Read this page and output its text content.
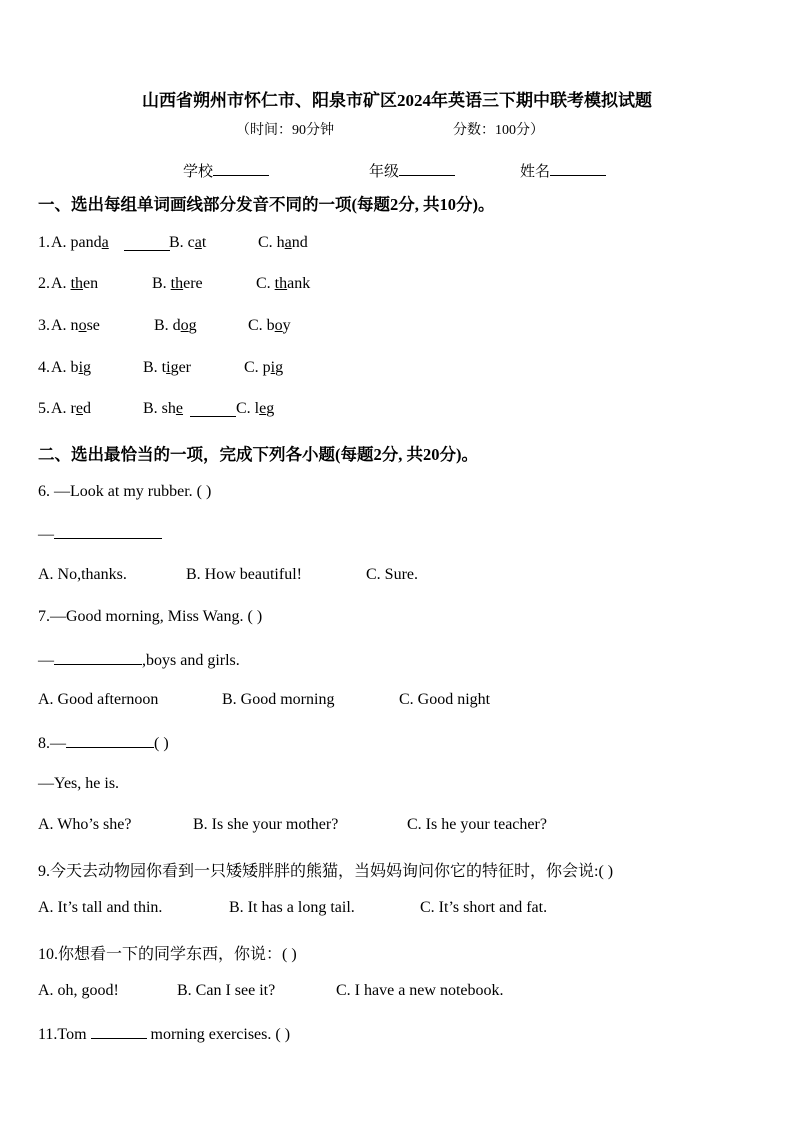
山西省朔州市怀仁市、阳泉市矿区2024年英语三下期中联考模拟试题
（时间：90分钟	分数：100分）
学校	年级	姓名
一、选出每组单词画线部分发音不同的一项(每题2分, 共10分)。
1. A. panda	B. cat	C. hand
2. A. then	B. there	C. thank
3. A. nose	B. dog	C. boy
4. A. big	B. tiger	C. pig
5. A. red	B. she	C. leg
二、选出最恰当的一项，完成下列各小题(每题2分, 共20分)。
6. —Look at my rubber. ( )
—
A. No,thanks.	B. How beautiful!	C. Sure.
7.—Good morning, Miss Wang. ( )
—	,boys and girls.
A. Good afternoon	B. Good morning	C. Good night
8.—	( )
—Yes, he is.
A. Who’s she?	B. Is she your mother?	C. Is he your teacher?
9.今天去动物园你看到一只矮矮胖胖的熊猫，当妈妈询问你它的特征时，你会说:( )
A. It’s tall and thin.	B. It has a long tail.	C. It’s short and fat.
10.你想看一下的同学东西，你说：( )
A. oh, good!	B. Can I see it?	C. I have a new notebook.
11.Tom	morning exercises. ( )
